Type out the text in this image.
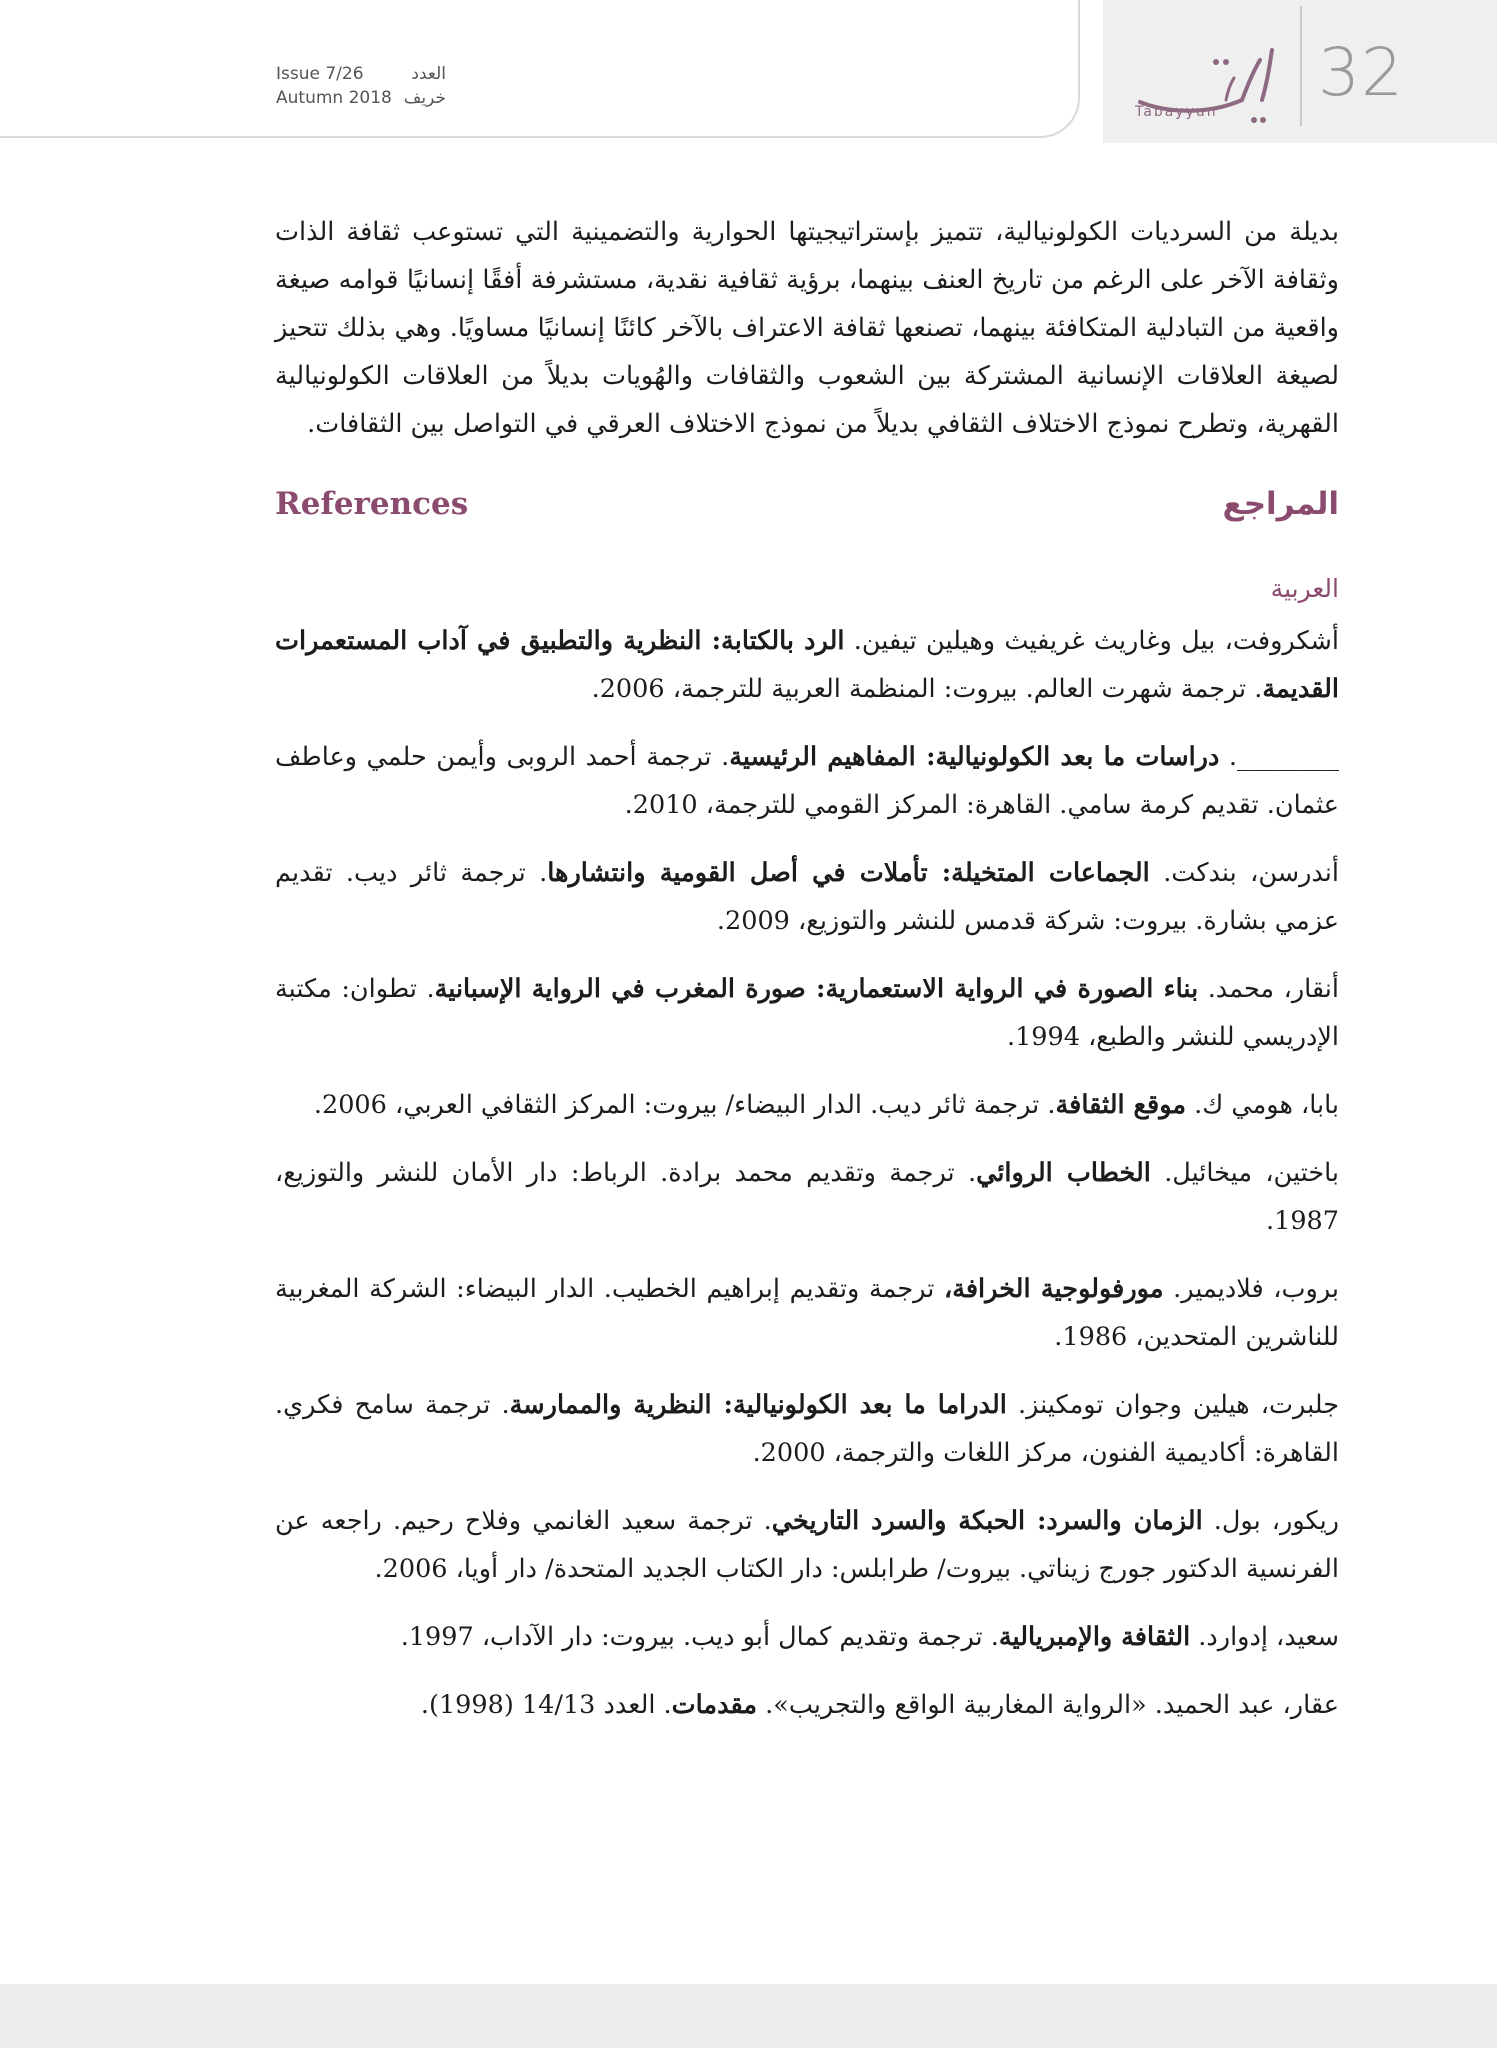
Issue 7/26	العدد
Autumn 2018 خريف
Tabayyun
32

بديلة من السرديات الكولونيالية، تتميز بإستراتيجيتها الحوارية والتضمينية التي تستوعب ثقافة الذات وثقافة الآخر على الرغم من تاريخ العنف بينهما، برؤية ثقافية نقدية، مستشرفة أفقًا إنسانيًا قوامه صيغة واقعية من التبادلية المتكافئة بينهما، تصنعها ثقافة الاعتراف بالآخر كائنًا إنسانيًا مساويًا. وهي بذلك تتحيز لصيغة العلاقات الإنسانية المشتركة بين الشعوب والثقافات والهُويات بديلاً من العلاقات الكولونيالية القهرية، وتطرح نموذج الاختلاف الثقافي بديلاً من نموذج الاختلاف العرقي في التواصل بين الثقافات.

المراجع
References
العربية

أشكروفت، بيل وغاريث غريفيث وهيلين تيفين. الرد بالكتابة: النظرية والتطبيق في آداب المستعمرات القديمة. ترجمة شهرت العالم. بيروت: المنظمة العربية للترجمة، 2006.

________. دراسات ما بعد الكولونيالية: المفاهيم الرئيسية. ترجمة أحمد الروبى وأيمن حلمي وعاطف عثمان. تقديم كرمة سامي. القاهرة: المركز القومي للترجمة، 2010.

أندرسن، بندكت. الجماعات المتخيلة: تأملات في أصل القومية وانتشارها. ترجمة ثائر ديب. تقديم عزمي بشارة. بيروت: شركة قدمس للنشر والتوزيع، 2009.

أنقار، محمد. بناء الصورة في الرواية الاستعمارية: صورة المغرب في الرواية الإسبانية. تطوان: مكتبة الإدريسي للنشر والطبع، 1994.

بابا، هومي ك. موقع الثقافة. ترجمة ثائر ديب. الدار البيضاء/ بيروت: المركز الثقافي العربي، 2006.

باختين، ميخائيل. الخطاب الروائي. ترجمة وتقديم محمد برادة. الرباط: دار الأمان للنشر والتوزيع، 1987.

بروب، فلاديمير. مورفولوجية الخرافة، ترجمة وتقديم إبراهيم الخطيب. الدار البيضاء: الشركة المغربية للناشرين المتحدين، 1986.

جلبرت، هيلين وجوان تومكينز. الدراما ما بعد الكولونيالية: النظرية والممارسة. ترجمة سامح فكري. القاهرة: أكاديمية الفنون، مركز اللغات والترجمة، 2000.

ريكور، بول. الزمان والسرد: الحبكة والسرد التاريخي. ترجمة سعيد الغانمي وفلاح رحيم. راجعه عن الفرنسية الدكتور جورج زيناتي. بيروت/ طرابلس: دار الكتاب الجديد المتحدة/ دار أويا، 2006.

سعيد، إدوارد. الثقافة والإمبريالية. ترجمة وتقديم كمال أبو ديب. بيروت: دار الآداب، 1997.

عقار، عبد الحميد. «الرواية المغاربية الواقع والتجريب». مقدمات. العدد 14/13 (1998).
